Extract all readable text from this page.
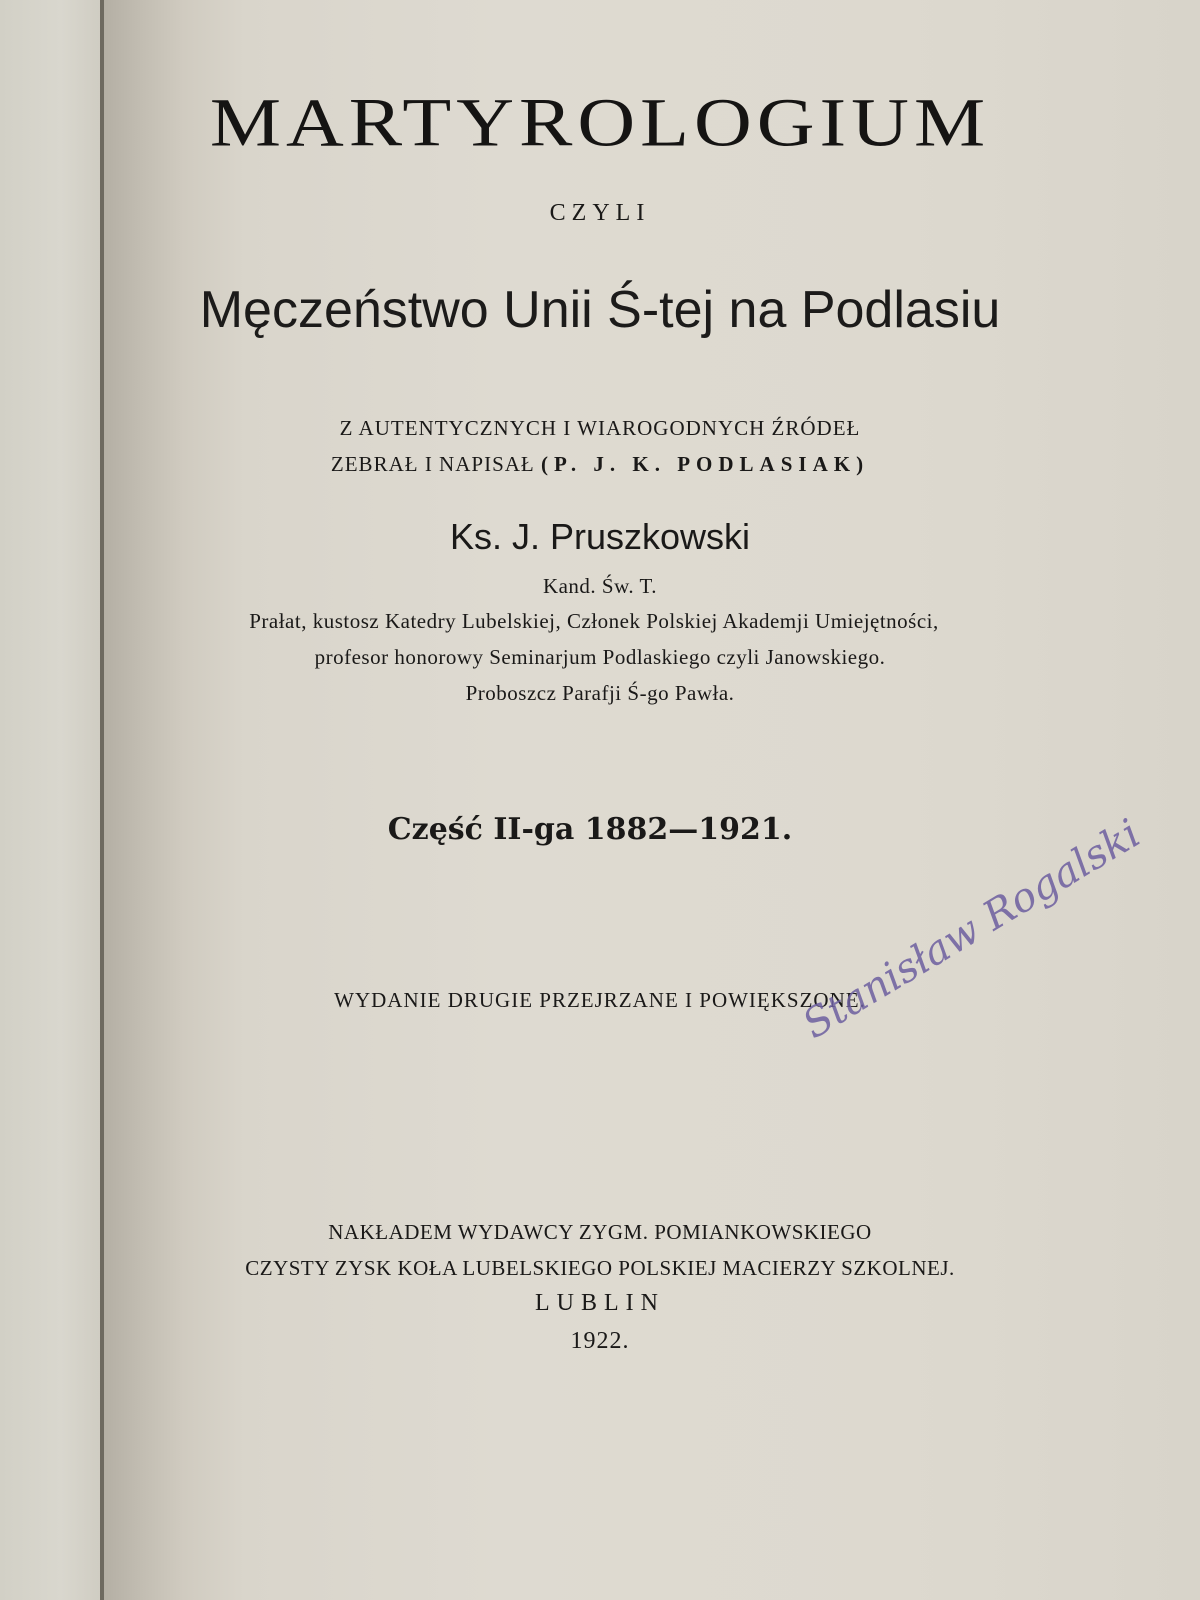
MARTYROLOGIUM
CZYLI
Męczeństwo Unii Ś-tej na Podlasiu
Z AUTENTYCZNYCH I WIAROGODNYCH ŹRÓDEŁ
ZEBRAŁ I NAPISAŁ (P. J. K. PODLASIAK)
Ks. J. Pruszkowski
Kand. Św. T.
Prałat, kustosz Katedry Lubelskiej, Członek Polskiej Akademji Umiejętności,
profesor honorowy Seminarjum Podlaskiego czyli Janowskiego.
Proboszcz Parafji Ś-go Pawła.
Część II-ga 1882—1921.
WYDANIE DRUGIE PRZEJRZANE I POWIĘKSZONE.
NAKŁADEM WYDAWCY ZYGM. POMIANKOWSKIEGO
CZYSTY ZYSK KOŁA LUBELSKIEGO POLSKIEJ MACIERZY SZKOLNEJ.
LUBLIN
1922.
Stanisław Rogalski
